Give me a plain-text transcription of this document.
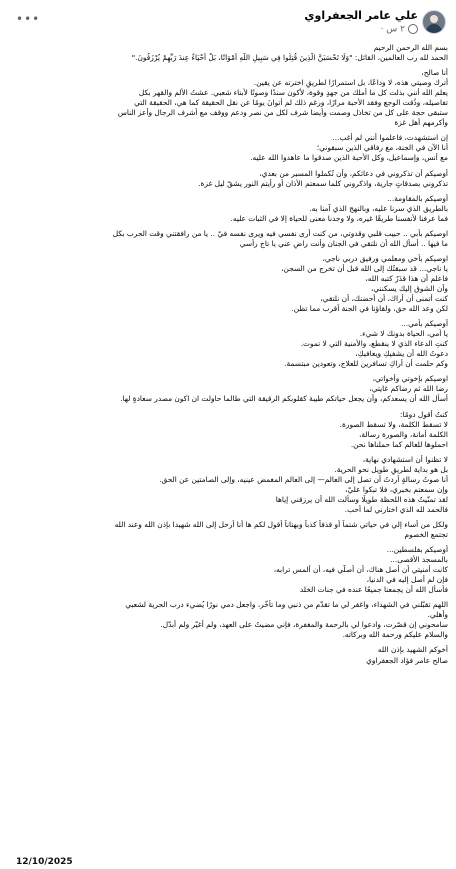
علي عامر الجعفراوي
٢ س ·
•••
بسم الله الرحمن الرحيم
الحمد لله رب العالمين، القائل: "وَلَا تَحْسَبَنَّ الَّذِينَ قُتِلُوا فِي سَبِيلِ اللَّهِ أَمْوَاتًا، بَلْ أَحْيَاءٌ عِندَ رَبِّهِمْ يُرْزَقُونَ."
أنا صالح،
أترك وصيتي هذه، لا وداعًا، بل استمرارًا لطريقٍ اخترته عن يقين.
يعلم الله أنني بذلت كل ما أملك من جهدٍ وقوة، لأكون سندًا وصوتًا لأبناء شعبي. عشتُ الألم والقهر بكل
تفاصيله، وذُقت الوجع وفقد الأحبة مرارًا، ورغم ذلك لم أتوانَ يومًا عن نقل الحقيقة كما هي، الحقيقة التي
ستبقى حجة على كل من تخاذل وصمت وأيضا شرف لكل من نصر ودعم ووقف مع أشرف الرجال وأعز الناس
وأكرمهم أهل غزة
إن استشهدت، فاعلموا أنني لم أغب...
أنا الآن في الجنة، مع رفاقي الذين سبقوني؛
مع أنس، وإسماعيل، وكل الأحبة الذين صدقوا ما عاهدوا الله عليه.
أوصيكم أن تذكروني في دعائكم، وأن تُكملوا المسير من بعدي،
تذكروني بصدقاتٍ جارية، واذكروني كلما سمعتم الأذان أو رأيتم النور يشقّ ليل غزة.
أوصيكم بالمقاومة...
بالطريق الذي سرنا عليه، وبالنهج الذي آمنا به.
فما عرفنا لأنفسنا طريقًا غيره، ولا وجدنا معنى للحياة إلا في الثبات عليه.
اوصيكم بأبي .. حبيب قلبي وقدوتي، من كنت أرى نفسي فيه ويرى نفسه فيّ .. يا من رافقتني وقت الحرب بكل
ما فيها .. أسأل الله أن نلتقي في الجنان وأنت راضٍ عني يا تاج رأسي
اوصيكم بأخي ومعلمي ورفيق دربي ناجي،
يا ناجي... قد سبقتُك إلى الله قبل أن تخرج من السجن،
فاعلم أن هذا قدَرٌ كتبه الله،
وأن الشوق إليك يسكنني،
كنت أتمنى أن أراك، أن أحضنك، أن نلتقي،
لكن وعد الله حق، ولقاؤنا في الجنة أقرب مما تظن.
أوصيكم بأمي...
يا أمي، الحياة بدونك لا شيء.
كنتِ الدعاء الذي لا ينقطع، والأمنية التي لا تموت.
دعوتُ الله أن يشفيكِ ويعافيكِ،
وكم حلمت أن أراكِ تسافرين للعلاج، وتعودين مبتسمة.
اوصيكم بإخوتي وأخواتي،
رضا الله ثم رضاكم غايتي،
أسأل الله أن يسعدكم، وأن يجعل حياتكم طيبة كقلوبكم الرقيقة التي طالما حاولت ان اكون مصدر سعادةٍ لها.
كنتُ أقول دومًا:
لا تسقط الكلمة، ولا تسقط الصورة.
الكلمة أمانة، والصورة رسالة،
احملوها للعالم كما حملناها نحن.
لا تظنوا أن استشهادي نهاية،
بل هو بداية لطريقٍ طويل نحو الحرية.
أنا صوتُ رسالةٍ أردتُ أن تصل إلى العالم— إلى العالم المغمض عينيه، وإلى الصامتين عن الحق.
وإن سمعتم بخبري، فلا تبكوا عليّ،
لقد تمنّيتُ هذه اللحظة طويلًا وسألت الله أن يرزقني إياها
فالحمد لله الذي اختارني لما أحب.
ولكل من أساء إلي في حياتي شتماً أو قذفاً كذباً وبهتاناً أقول لكم ها أنا أرحل إلى الله شهيدا بإذن الله وعند الله
تجتمع الخصوم
أوصيكم بفلسطين...
بالمسجد الأقصى...
كانت أمنيتي أن أصل هناك، أن أصلّي فيه، أن ألمس ترابه،
فإن لم أصل إليه في الدنيا،
فأسأل الله أن يجمعنا جميعًا عنده في جنات الخلد
اللهم تقبّلني في الشهداء، واغفر لي ما تقدّم من ذنبي وما تأخّر، واجعل دمي نورًا يُضيء درب الحرية لشعبي
وأهلي.
سامحوني إن قصّرت، وادعوا لي بالرحمة والمغفرة، فإني مضيتُ على العهد، ولم أُغيّر ولم أُبدّل.
والسلام عليكم ورحمة الله وبركاته.
أخوكم الشهيد بإذن الله
صالح عامر فؤاد الجعفراوي
12/10/2025
